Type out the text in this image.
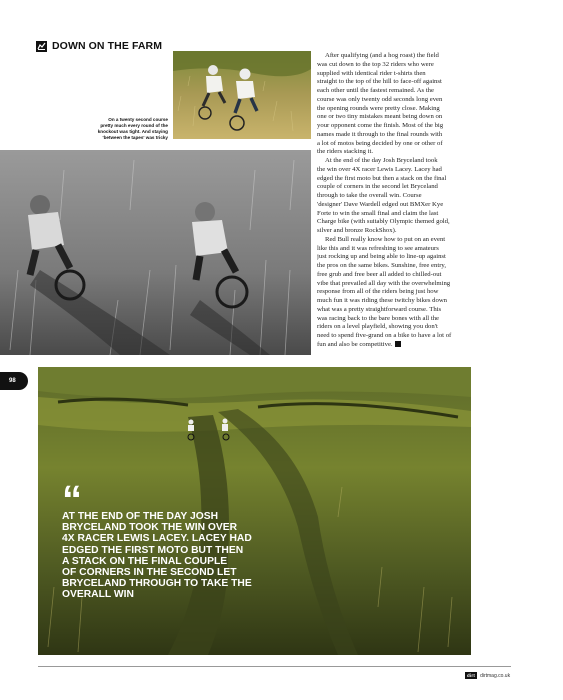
DOWN ON THE FARM
On a twenty second course
pretty much every round of the
knockout was tight. And staying
'between the tapes' was tricky
After qualifying (and a hog roast) the field
was cut down to the top 32 riders who were
supplied with identical rider t-shirts then
straight to the top of the hill to face-off against
each other until the fastest remained. As the
course was only twenty odd seconds long even
the opening rounds were pretty close. Making
one or two tiny mistakes meant being down on
your opponent come the finish. Most of the big
names made it through to the final rounds with
a lot of motos being decided by one or other of
the riders stacking it.
At the end of the day Josh Bryceland took
the win over 4X racer Lewis Lacey. Lacey had
edged the first moto but then a stack on the final
couple of corners in the second let Bryceland
through to take the overall win. Course
'designer' Dave Wardell edged out BMXer Kye
Forte to win the small final and claim the last
Charge bike (with suitably Olympic themed gold,
silver and bronze RockShox).
Red Bull really know how to put on an event
like this and it was refreshing to see amateurs
just rocking up and being able to line-up against
the pros on the same bikes. Sunshine, free entry,
free grub and free beer all added to chilled-out
vibe that prevailed all day with the overwhelming
response from all of the riders being just how
much fun it was riding these twitchy bikes down
what was a pretty straightforward course. This
was racing back to the bare bones with all the
riders on a level playfield, showing you don't
need to spend five-grand on a bike to have a lot of
fun and also be competitive.
98
“
AT THE END OF THE DAY JOSH
BRYCELAND TOOK THE WIN OVER
4X RACER LEWIS LACEY. LACEY HAD
EDGED THE FIRST MOTO BUT THEN
A STACK ON THE FINAL COUPLE
OF CORNERS IN THE SECOND LET
BRYCELAND THROUGH TO TAKE THE
OVERALL WIN
dirt	dirtmag.co.uk
